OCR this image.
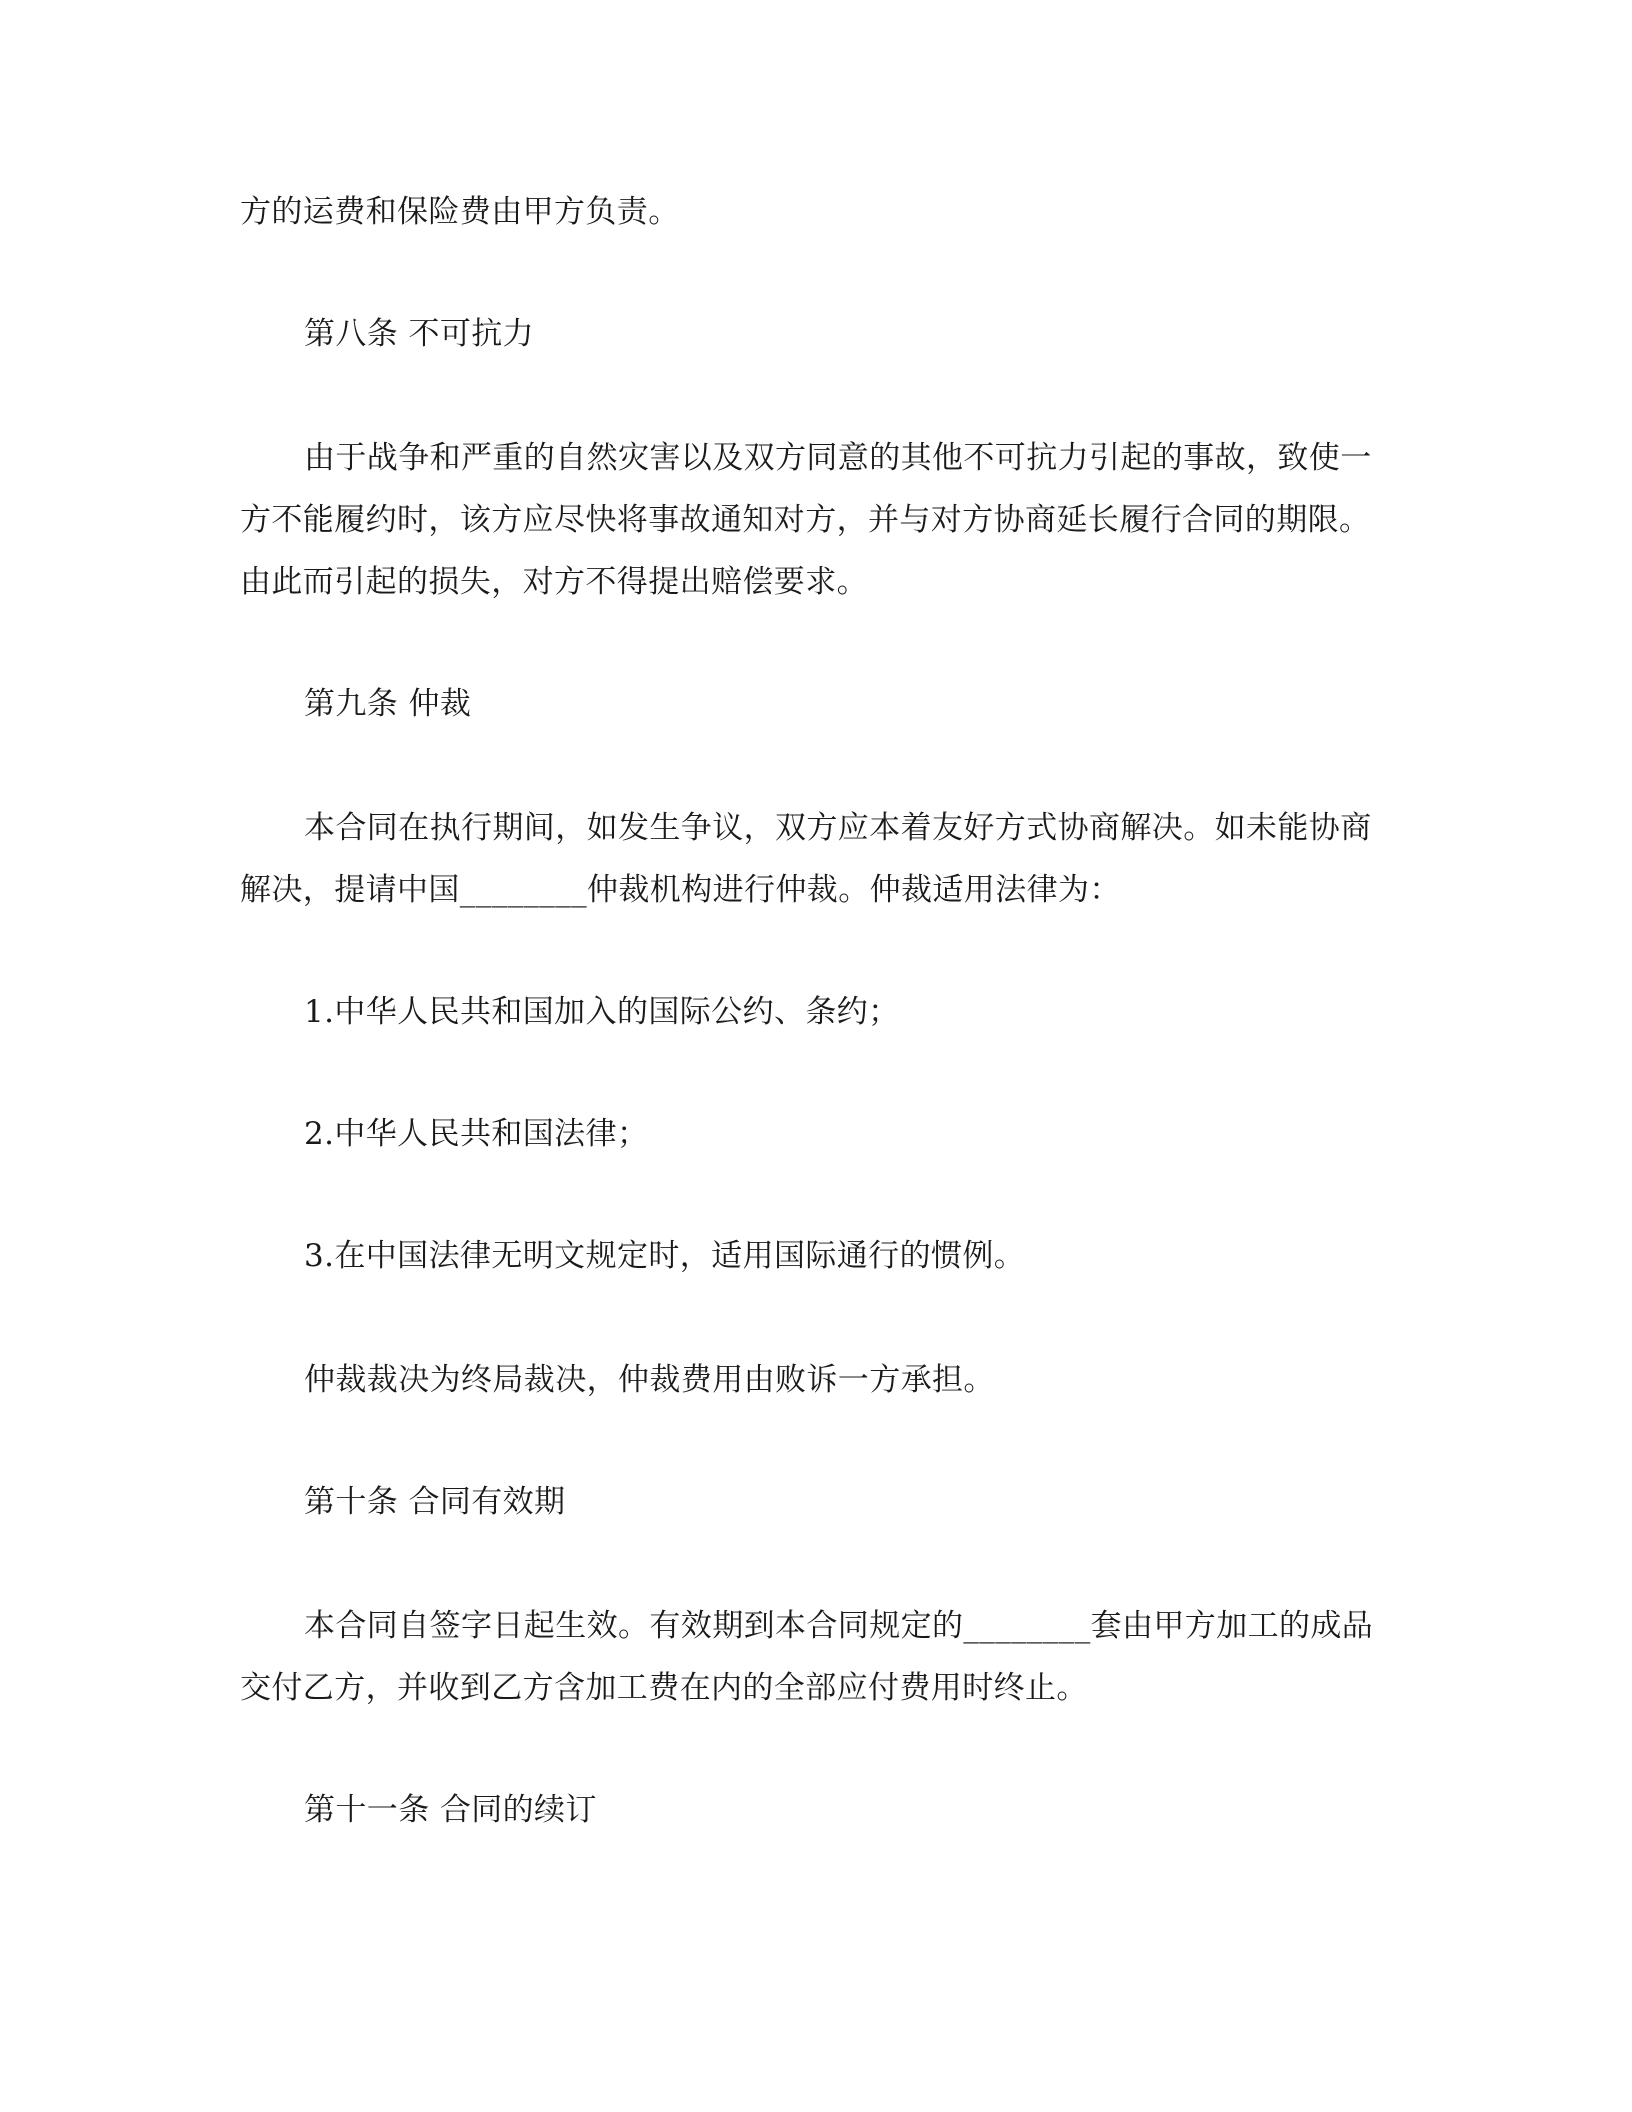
方的运费和保险费由甲方负责。
第八条 不可抗力
由于战争和严重的自然灾害以及双方同意的其他不可抗力引起的事故，致使一
方不能履约时，该方应尽快将事故通知对方，并与对方协商延长履行合同的期限。
由此而引起的损失，对方不得提出赔偿要求。
第九条 仲裁
本合同在执行期间，如发生争议，双方应本着友好方式协商解决。如未能协商
解决，提请中国________仲裁机构进行仲裁。仲裁适用法律为：
1.中华人民共和国加入的国际公约、条约；
2.中华人民共和国法律；
3.在中国法律无明文规定时，适用国际通行的惯例。
仲裁裁决为终局裁决，仲裁费用由败诉一方承担。
第十条 合同有效期
本合同自签字日起生效。有效期到本合同规定的________套由甲方加工的成品
交付乙方，并收到乙方含加工费在内的全部应付费用时终止。
第十一条 合同的续订
